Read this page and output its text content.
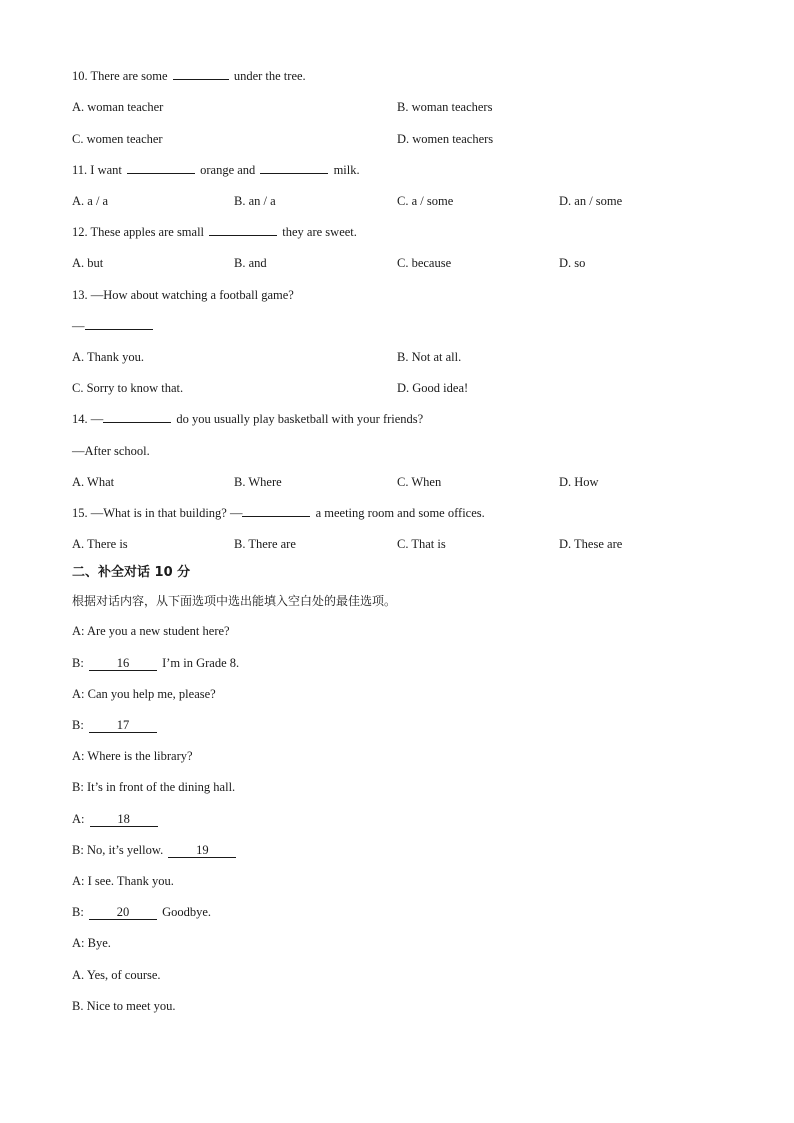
10. There are some	under the tree.
A. woman teacher	B. woman teachers
C. women teacher	D. women teachers
11. I want	orange and	milk.
A. a / a	B. an / a	C. a / some	D. an / some
12. These apples are small	they are sweet.
A. but	B. and	C. because	D. so
13. —How about watching a football game?
—
A. Thank you.	B. Not at all.
C. Sorry to know that.	D. Good idea!
14. —	do you usually play basketball with your friends?
—After school.
A. What	B. Where	C. When	D. How
15. —What is in that building? —	a meeting room and some offices.
A. There is	B. There are	C. That is	D. These are
二、补全对话 10 分
根据对话内容，从下面选项中选出能填入空白处的最佳选项。
A: Are you a new student here?
B:	16	I’m in Grade 8.
A: Can you help me, please?
B:	17
A: Where is the library?
B: It’s in front of the dining hall.
A:	18
B: No, it’s yellow.	19
A: I see. Thank you.
B:	20	Goodbye.
A: Bye.
A. Yes, of course.
B. Nice to meet you.
